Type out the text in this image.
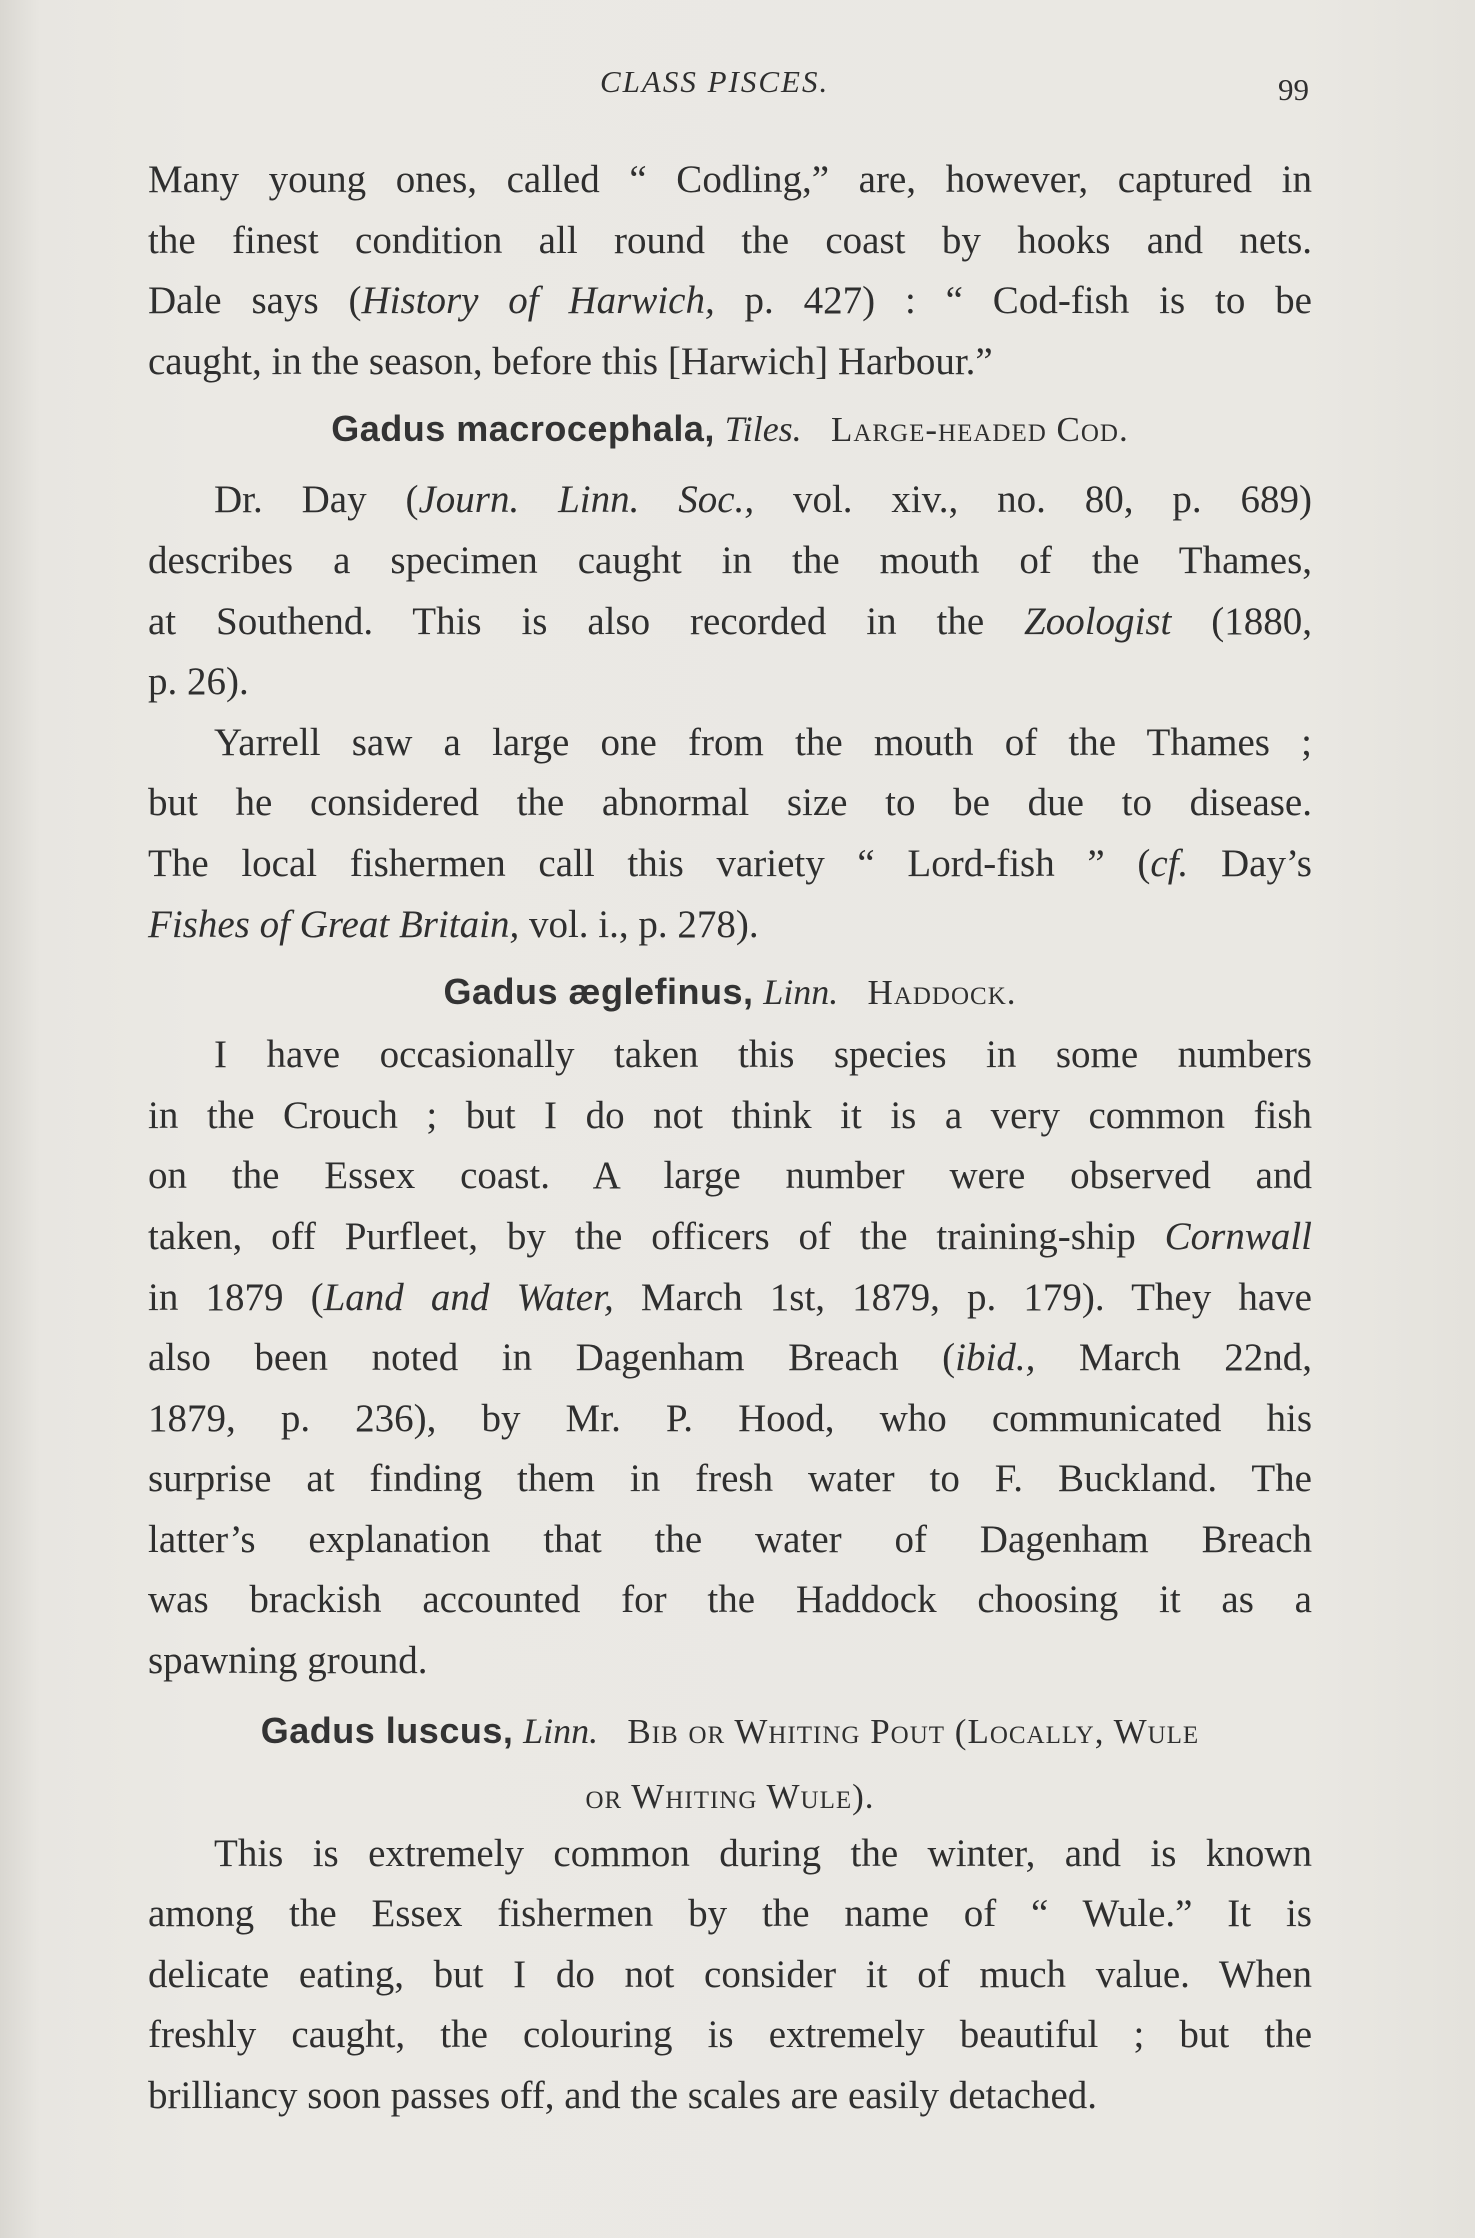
CLASS PISCES.	99
Many young ones, called “ Codling,” are, however, captured in
the finest condition all round the coast by hooks and nets.
Dale says (History of Harwich, p. 427) : “ Cod-fish is to be
caught, in the season, before this [Harwich] Harbour.”
Gadus macrocephala, Tiles. Large-headed Cod.
Dr. Day (Journ. Linn. Soc., vol. xiv., no. 80, p. 689)
describes a specimen caught in the mouth of the Thames,
at Southend. This is also recorded in the Zoologist (1880,
p. 26).
Yarrell saw a large one from the mouth of the Thames ;
but he considered the abnormal size to be due to disease.
The local fishermen call this variety “ Lord-fish ” (cf. Day’s
Fishes of Great Britain, vol. i., p. 278).
Gadus æglefinus, Linn. Haddock.
I have occasionally taken this species in some numbers
in the Crouch ; but I do not think it is a very common fish
on the Essex coast. A large number were observed and
taken, off Purfleet, by the officers of the training-ship Cornwall
in 1879 (Land and Water, March 1st, 1879, p. 179). They have
also been noted in Dagenham Breach (ibid., March 22nd,
1879, p. 236), by Mr. P. Hood, who communicated his
surprise at finding them in fresh water to F. Buckland. The
latter’s explanation that the water of Dagenham Breach
was brackish accounted for the Haddock choosing it as a
spawning ground.
Gadus luscus, Linn. Bib or Whiting Pout (Locally, Wule
or Whiting Wule).
This is extremely common during the winter, and is known
among the Essex fishermen by the name of “ Wule.” It is
delicate eating, but I do not consider it of much value. When
freshly caught, the colouring is extremely beautiful ; but the
brilliancy soon passes off, and the scales are easily detached.
